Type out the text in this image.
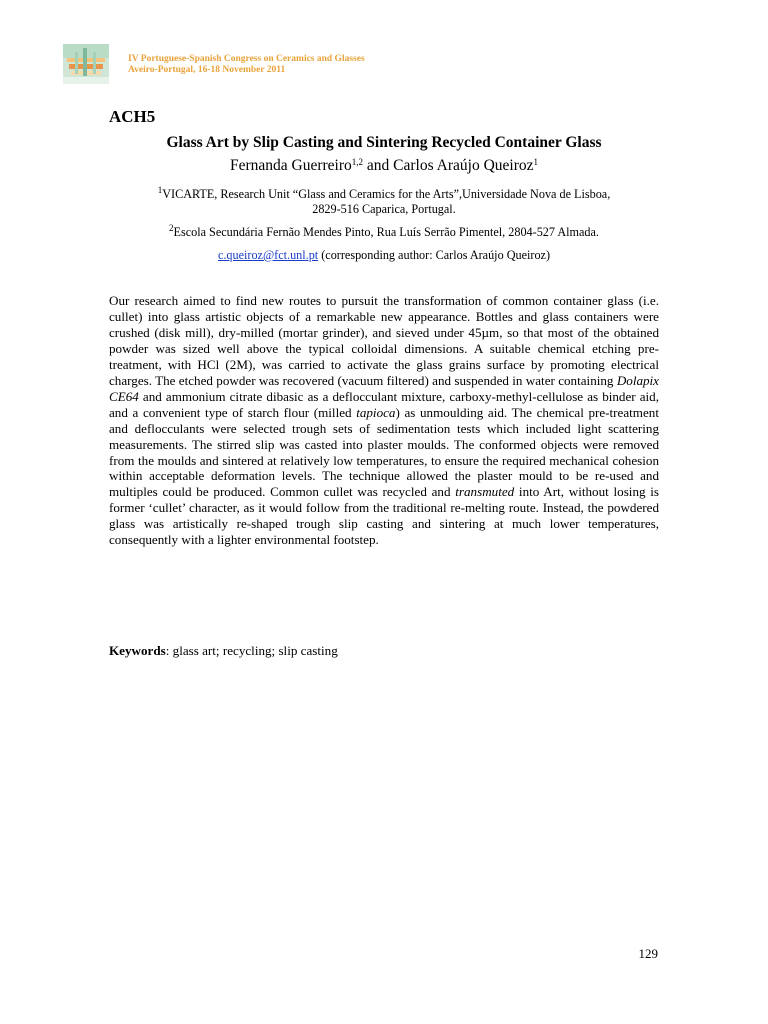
IV Portuguese-Spanish Congress on Ceramics and Glasses
Aveiro-Portugal, 16-18 November 2011
ACH5
Glass Art by Slip Casting and Sintering Recycled Container Glass
Fernanda Guerreiro$^{1,2}$ and Carlos Araújo Queiroz$^1$
$^1$VICARTE, Research Unit “Glass and Ceramics for the Arts”,Universidade Nova de Lisboa,
2829-516 Caparica, Portugal.
$^2$Escola Secundária Fernão Mendes Pinto, Rua Luís Serrão Pimentel, 2804-527 Almada.
c.queiroz@fct.unl.pt (corresponding author: Carlos Araújo Queiroz)
Our research aimed to find new routes to pursuit the transformation of common container glass (i.e. cullet) into glass artistic objects of a remarkable new appearance. Bottles and glass containers were crushed (disk mill), dry-milled (mortar grinder), and sieved under 45µm, so that most of the obtained powder was sized well above the typical colloidal dimensions. A suitable chemical etching pre-treatment, with HCl (2M), was carried to activate the glass grains surface by promoting electrical charges. The etched powder was recovered (vacuum filtered) and suspended in water containing Dolapix CE64 and ammonium citrate dibasic as a deflocculant mixture, carboxy-methyl-cellulose as binder aid, and a convenient type of starch flour (milled tapioca) as unmoulding aid. The chemical pre-treatment and deflocculants were selected trough sets of sedimentation tests which included light scattering measurements. The stirred slip was casted into plaster moulds. The conformed objects were removed from the moulds and sintered at relatively low temperatures, to ensure the required mechanical cohesion within acceptable deformation levels. The technique allowed the plaster mould to be re-used and multiples could be produced. Common cullet was recycled and transmuted into Art, without losing is former ‘cullet’ character, as it would follow from the traditional re-melting route. Instead, the powdered glass was artistically re-shaped trough slip casting and sintering at much lower temperatures, consequently with a lighter environmental footstep.
Keywords: glass art; recycling; slip casting
129
